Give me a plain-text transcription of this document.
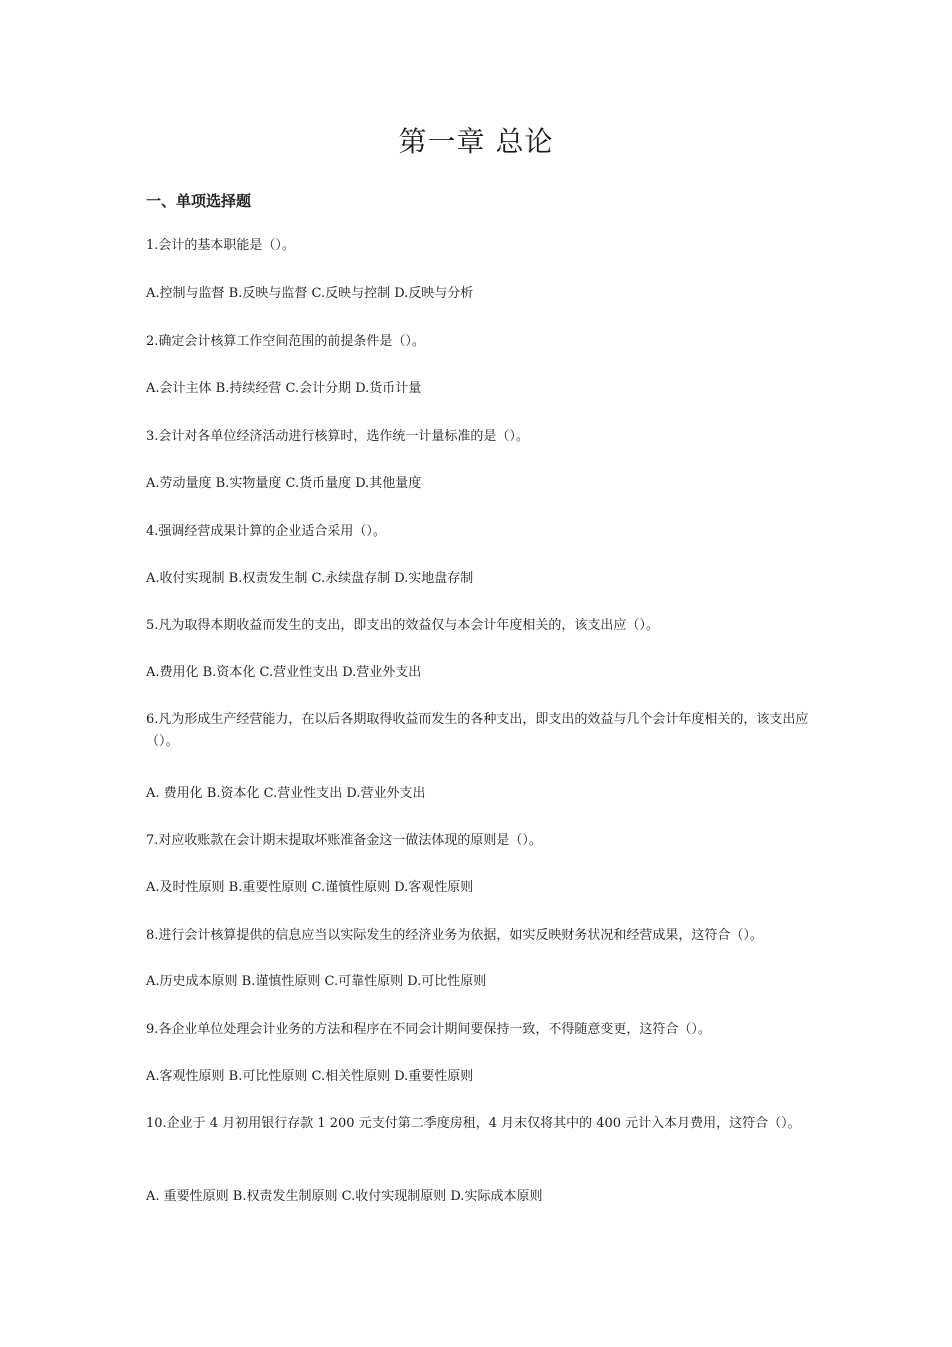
第一章 总论
一、单项选择题

1.会计的基本职能是（）。

A.控制与监督 B.反映与监督 C.反映与控制 D.反映与分析

2.确定会计核算工作空间范围的前提条件是（）。

A.会计主体 B.持续经营 C.会计分期 D.货币计量

3.会计对各单位经济活动进行核算时，选作统一计量标准的是（）。

A.劳动量度 B.实物量度 C.货币量度 D.其他量度

4.强调经营成果计算的企业适合采用（）。

A.收付实现制 B.权责发生制 C.永续盘存制 D.实地盘存制

5.凡为取得本期收益而发生的支出，即支出的效益仅与本会计年度相关的，该支出应（）。

A.费用化 B.资本化 C.营业性支出 D.营业外支出

6.凡为形成生产经营能力，在以后各期取得收益而发生的各种支出，即支出的效益与几个会计年度相关的，该支出应（）。

A. 费用化 B.资本化 C.营业性支出 D.营业外支出

7.对应收账款在会计期末提取坏账准备金这一做法体现的原则是（）。

A.及时性原则 B.重要性原则 C.谨慎性原则 D.客观性原则

8.进行会计核算提供的信息应当以实际发生的经济业务为依据，如实反映财务状况和经营成果，这符合（）。

A.历史成本原则 B.谨慎性原则 C.可靠性原则 D.可比性原则

9.各企业单位处理会计业务的方法和程序在不同会计期间要保持一致，不得随意变更，这符合（）。

A.客观性原则 B.可比性原则 C.相关性原则 D.重要性原则

10.企业于 4 月初用银行存款 1 200 元支付第二季度房租，4 月末仅将其中的 400 元计入本月费用，这符合（）。

A. 重要性原则 B.权责发生制原则 C.收付实现制原则 D.实际成本原则
